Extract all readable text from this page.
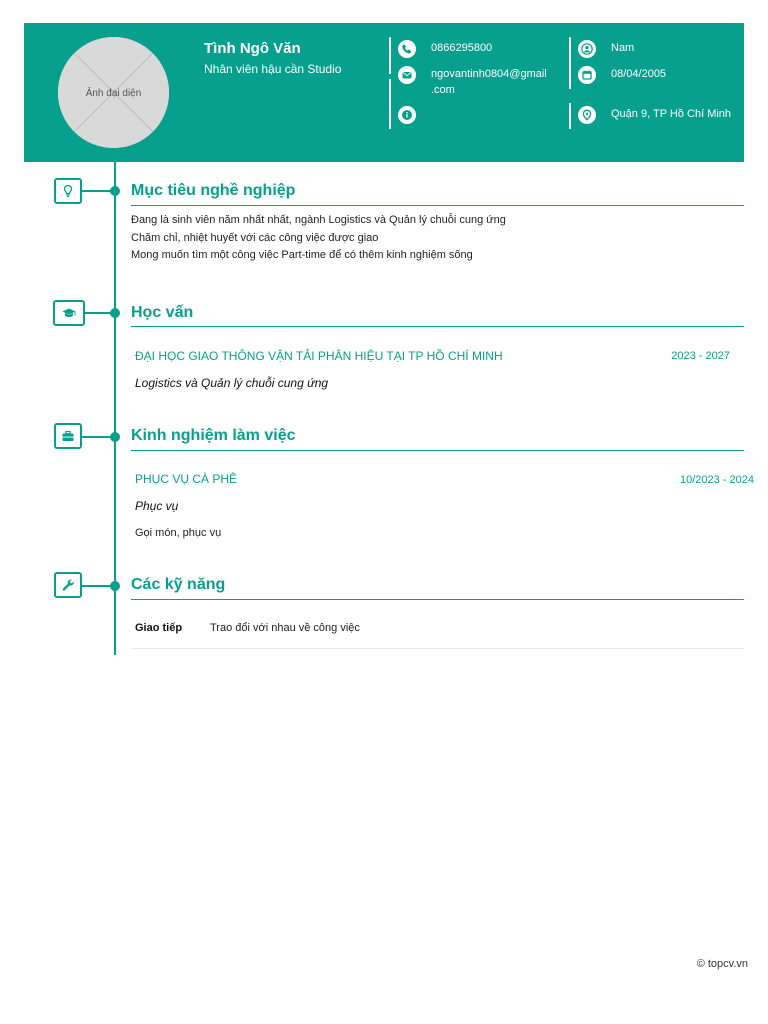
Ảnh đại diện
Tình Ngô Văn
Nhân viên hậu cần Studio
0866295800
ngovantinh0804@gmail
.com
Nam
08/04/2005
Quận 9, TP Hồ Chí Minh
Mục tiêu nghề nghiệp
Đang là sinh viên năm nhất nhất, ngành Logistics và Quản lý chuỗi cung ứng
Chăm chỉ, nhiệt huyết với các công việc được giao
Mong muốn tìm một công việc Part-time để có thêm kinh nghiệm sống
Học vấn
ĐẠI HỌC GIAO THÔNG VẬN TẢI PHÂN HIỆU TẠI TP HỒ CHÍ MINH	2023 - 2027
Logistics và Quản lý chuỗi cung ứng
Kinh nghiệm làm việc
PHỤC VỤ CÀ PHÊ	10/2023 - 2024
Phục vụ
Gọi món, phục vụ
Các kỹ năng
Giao tiếp	Trao đổi với nhau về công việc
© topcv.vn
